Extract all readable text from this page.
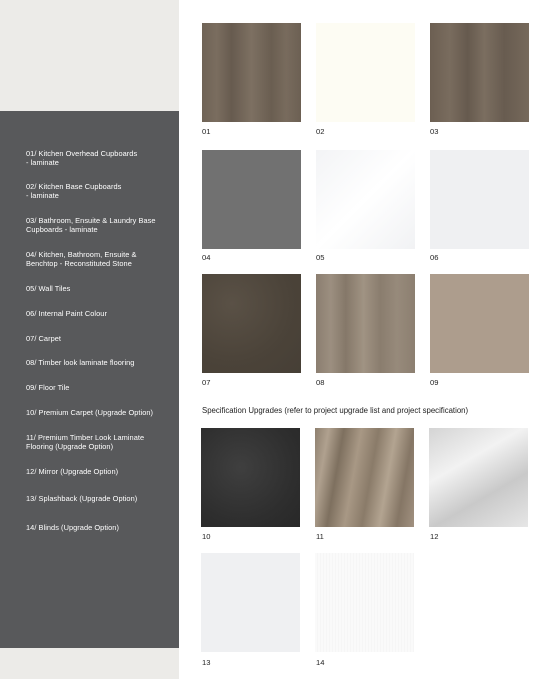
01/ Kitchen Overhead Cupboards
- laminate
02/ Kitchen Base Cupboards
- laminate
03/ Bathroom, Ensuite & Laundry Base
Cupboards - laminate
04/ Kitchen, Bathroom, Ensuite &
Benchtop - Reconstituted Stone
05/ Wall Tiles
06/ Internal Paint Colour
07/ Carpet
08/ Timber look laminate flooring
09/ Floor Tile
10/ Premium Carpet (Upgrade Option)
11/ Premium Timber Look Laminate
Flooring (Upgrade Option)
12/ Mirror (Upgrade Option)
13/ Splashback (Upgrade Option)
14/ Blinds (Upgrade Option)
01	02	03
04	05	06
07	08	09
Specification Upgrades (refer to project upgrade list and project specification)
10	11	12
13	14
